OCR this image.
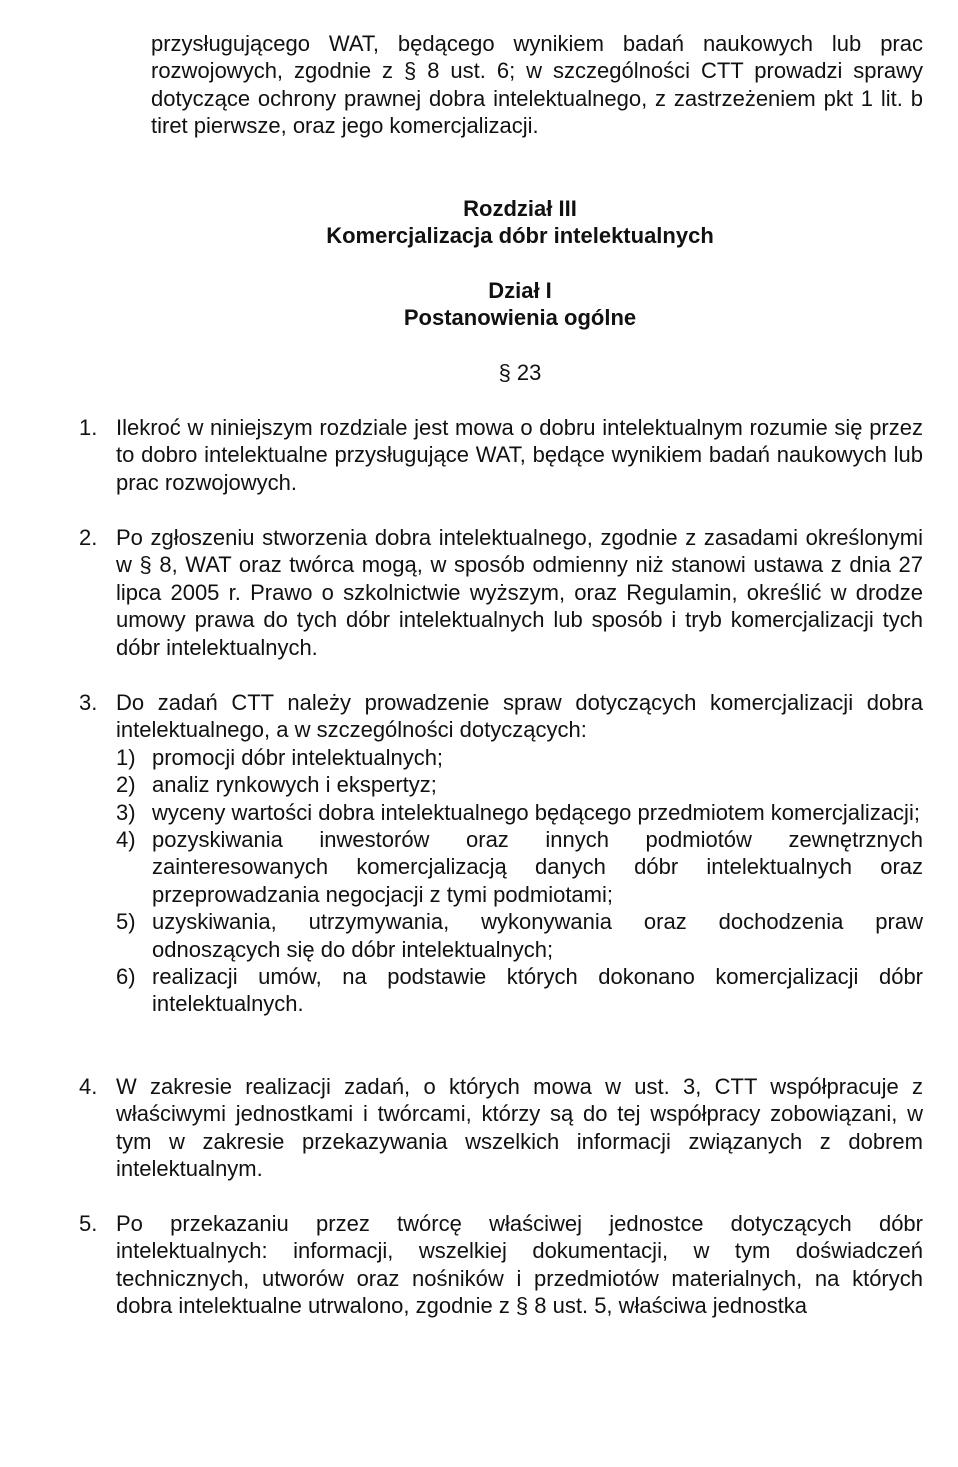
przysługującego WAT, będącego wynikiem badań naukowych lub prac rozwojowych, zgodnie z § 8 ust. 6; w szczególności CTT prowadzi sprawy dotyczące ochrony prawnej dobra intelektualnego, z zastrzeżeniem pkt 1 lit. b tiret pierwsze, oraz jego komercjalizacji.

Rozdział III

Komercjalizacja dóbr intelektualnych

Dział I

Postanowienia ogólne

§ 23

1. Ilekroć w niniejszym rozdziale jest mowa o dobru intelektualnym rozumie się przez to dobro intelektualne przysługujące WAT, będące wynikiem badań naukowych lub prac rozwojowych.
2. Po zgłoszeniu stworzenia dobra intelektualnego, zgodnie z zasadami określonymi w § 8, WAT oraz twórca mogą, w sposób odmienny niż stanowi ustawa z dnia 27 lipca 2005 r. Prawo o szkolnictwie wyższym, oraz Regulamin, określić w drodze umowy prawa do tych dóbr intelektualnych lub sposób i tryb komercjalizacji tych dóbr intelektualnych.
3. Do zadań CTT należy prowadzenie spraw dotyczących komercjalizacji dobra intelektualnego, a w szczególności dotyczących:
1) promocji dóbr intelektualnych;
2) analiz rynkowych i ekspertyz;
3) wyceny wartości dobra intelektualnego będącego przedmiotem komercjalizacji;
4) pozyskiwania inwestorów oraz innych podmiotów zewnętrznych zainteresowanych komercjalizacją danych dóbr intelektualnych oraz przeprowadzania negocjacji z tymi podmiotami;
5) uzyskiwania, utrzymywania, wykonywania oraz dochodzenia praw odnoszących się do dóbr intelektualnych;
6) realizacji umów, na podstawie których dokonano komercjalizacji dóbr intelektualnych.
4. W zakresie realizacji zadań, o których mowa w ust. 3, CTT współpracuje z właściwymi jednostkami i twórcami, którzy są do tej współpracy zobowiązani, w tym w zakresie przekazywania wszelkich informacji związanych z dobrem intelektualnym.
5. Po przekazaniu przez twórcę właściwej jednostce dotyczących dóbr intelektualnych: informacji, wszelkiej dokumentacji, w tym doświadczeń technicznych, utworów oraz nośników i przedmiotów materialnych, na których dobra intelektualne utrwalono, zgodnie z § 8 ust. 5, właściwa jednostka
